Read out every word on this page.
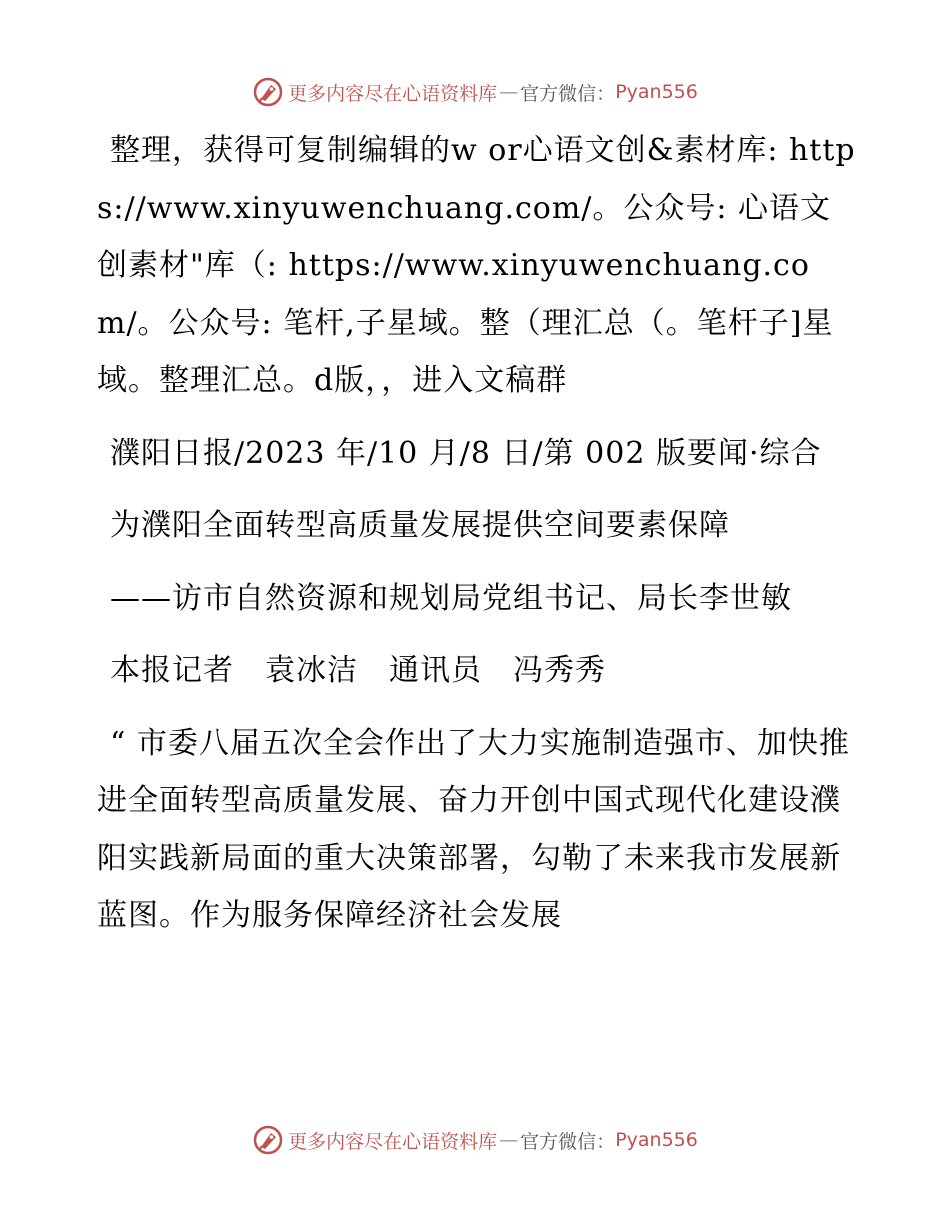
更多内容尽在心语资料库 — 官方微信： Pyan556

整理，获得可复制编辑的w or心语文创&素材库: https://www.xinyuwenchuang.com/。公众号: 心语文创素材"库（: https://www.xinyuwenchuang.com/。公众号: 笔杆,子星域。整（理汇总（。笔杆子]星域。整理汇总。d版，，进入文稿群

濮阳日报/2023 年/10 月/8 日/第 002 版要闻·综合

为濮阳全面转型高质量发展提供空间要素保障

——访市自然资源和规划局党组书记、局长李世敏

本报记者　袁冰洁　通讯员　冯秀秀

“ 市委八届五次全会作出了大力实施制造强市、加快推进全面转型高质量发展、奋力开创中国式现代化建设濮阳实践新局面的重大决策部署，勾勒了未来我市发展新蓝图。作为服务保障经济社会发展

更多内容尽在心语资料库 — 官方微信： Pyan556
